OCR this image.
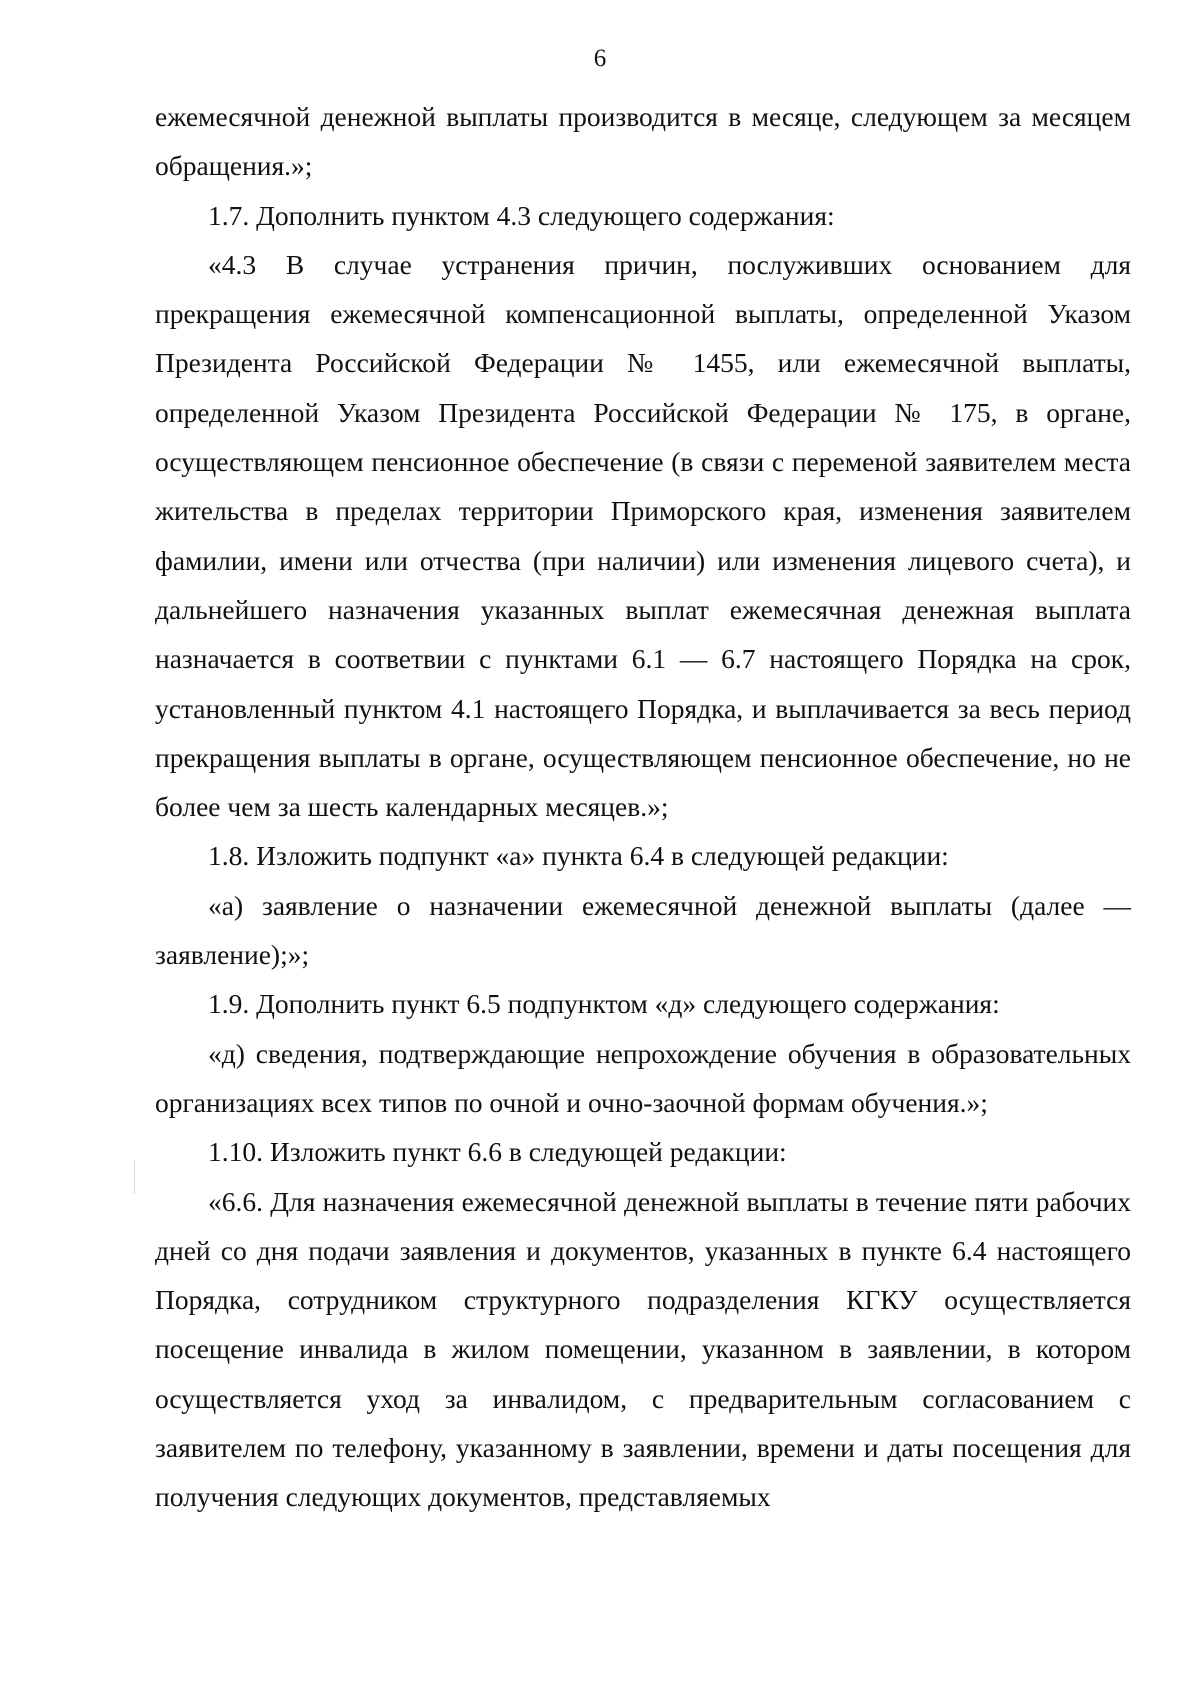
6

ежемесячной денежной выплаты производится в месяце, следующем за месяцем обращения.»;

1.7. Дополнить пунктом 4.3 следующего содержания:

«4.3 В случае устранения причин, послуживших основанием для прекращения ежемесячной компенсационной выплаты, определенной Указом Президента Российской Федерации № 1455, или ежемесячной выплаты, определенной Указом Президента Российской Федерации № 175, в органе, осуществляющем пенсионное обеспечение (в связи с переменой заявителем места жительства в пределах территории Приморского края, изменения заявителем фамилии, имени или отчества (при наличии) или изменения лицевого счета), и дальнейшего назначения указанных выплат ежемесячная денежная выплата назначается в соответвии с пунктами 6.1 — 6.7 настоящего Порядка на срок, установленный пунктом 4.1 настоящего Порядка, и выплачивается за весь период прекращения выплаты в органе, осуществляющем пенсионное обеспечение, но не более чем за шесть календарных месяцев.»;

1.8. Изложить подпункт «а» пункта 6.4 в следующей редакции:

«а) заявление о назначении ежемесячной денежной выплаты (далее — заявление);»;

1.9. Дополнить пункт 6.5 подпунктом «д» следующего содержания:

«д) сведения, подтверждающие непрохождение обучения в образовательных организациях всех типов по очной и очно-заочной формам обучения.»;

1.10. Изложить пункт 6.6 в следующей редакции:

«6.6. Для назначения ежемесячной денежной выплаты в течение пяти рабочих дней со дня подачи заявления и документов, указанных в пункте 6.4 настоящего Порядка, сотрудником структурного подразделения КГКУ осуществляется посещение инвалида в жилом помещении, указанном в заявлении, в котором осуществляется уход за инвалидом, с предварительным согласованием с заявителем по телефону, указанному в заявлении, времени и даты посещения для получения следующих документов, представляемых
